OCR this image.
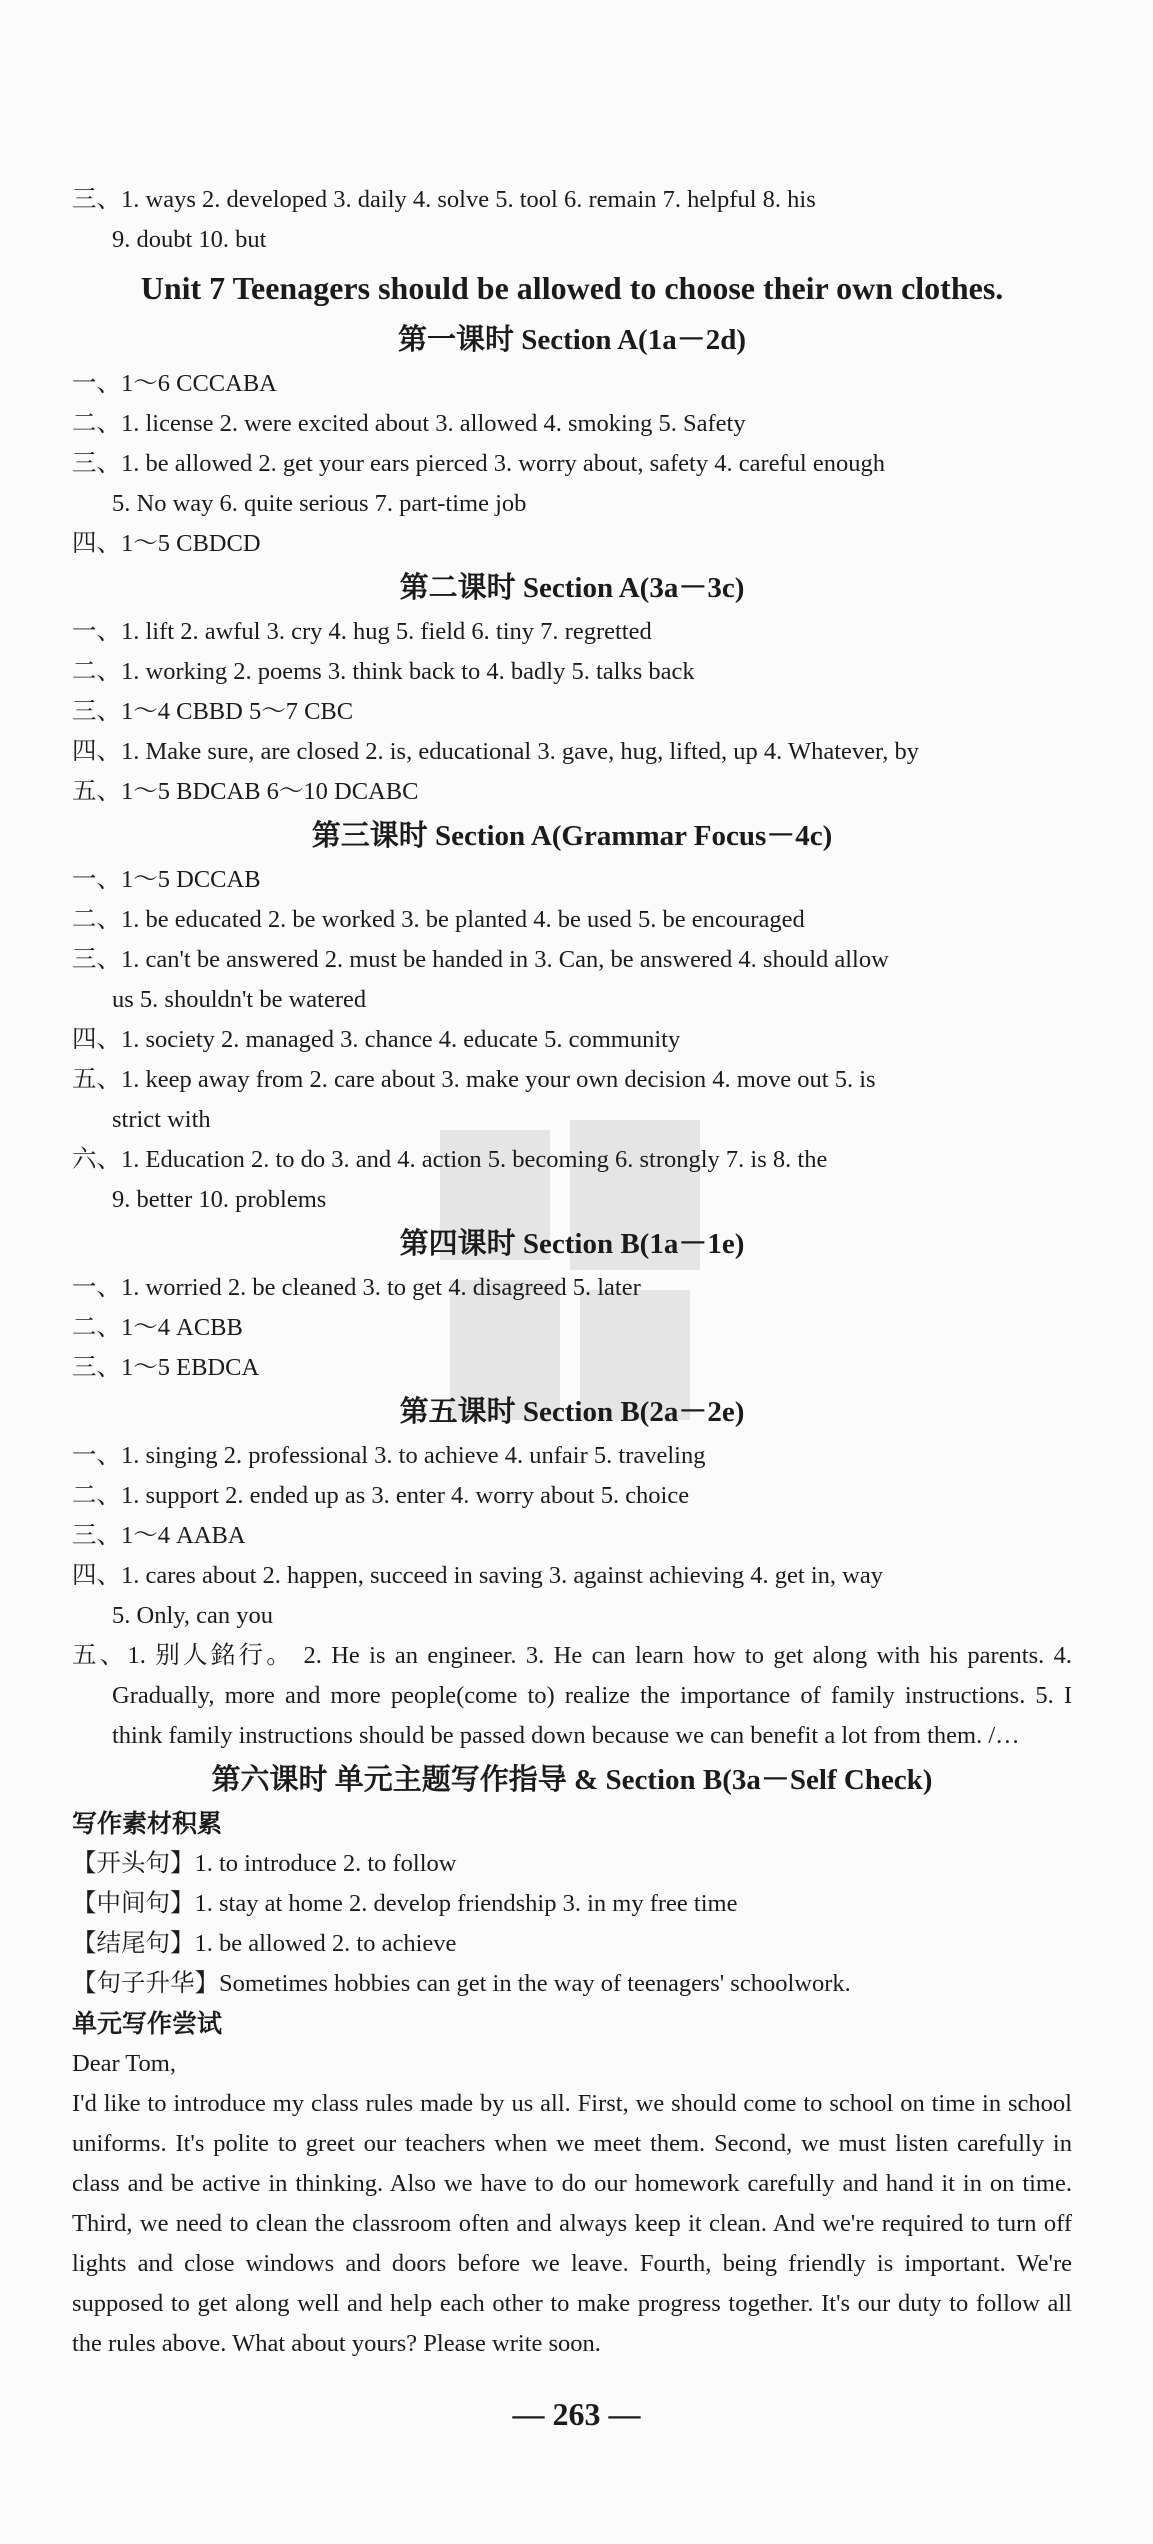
三、1. ways 2. developed 3. daily 4. solve 5. tool 6. remain 7. helpful 8. his
9. doubt 10. but
Unit 7 Teenagers should be allowed to choose their own clothes.
第一课时 Section A(1a－2d)
一、1～6 CCCABA
二、1. license 2. were excited about 3. allowed 4. smoking 5. Safety
三、1. be allowed 2. get your ears pierced 3. worry about, safety 4. careful enough
5. No way 6. quite serious 7. part-time job
四、1～5 CBDCD
第二课时 Section A(3a－3c)
一、1. lift 2. awful 3. cry 4. hug 5. field 6. tiny 7. regretted
二、1. working 2. poems 3. think back to 4. badly 5. talks back
三、1～4 CBBD 5～7 CBC
四、1. Make sure, are closed 2. is, educational 3. gave, hug, lifted, up 4. Whatever, by
五、1～5 BDCAB 6～10 DCABC
第三课时 Section A(Grammar Focus－4c)
一、1～5 DCCAB
二、1. be educated 2. be worked 3. be planted 4. be used 5. be encouraged
三、1. can't be answered 2. must be handed in 3. Can, be answered 4. should allow
us 5. shouldn't be watered
四、1. society 2. managed 3. chance 4. educate 5. community
五、1. keep away from 2. care about 3. make your own decision 4. move out 5. is
strict with
六、1. Education 2. to do 3. and 4. action 5. becoming 6. strongly 7. is 8. the
9. better 10. problems
第四课时 Section B(1a－1e)
一、1. worried 2. be cleaned 3. to get 4. disagreed 5. later
二、1～4 ACBB
三、1～5 EBDCA
第五课时 Section B(2a－2e)
一、1. singing 2. professional 3. to achieve 4. unfair 5. traveling
二、1. support 2. ended up as 3. enter 4. worry about 5. choice
三、1～4 AABA
四、1. cares about 2. happen, succeed in saving 3. against achieving 4. get in, way
5. Only, can you
五、1. 别人銘行。 2. He is an engineer. 3. He can learn how to get along with his parents. 4. Gradually, more and more people(come to) realize the importance of family instructions. 5. I think family instructions should be passed down because we can benefit a lot from them. /…
第六课时 单元主题写作指导 & Section B(3a－Self Check)
写作素材积累
【开头句】1. to introduce 2. to follow
【中间句】1. stay at home 2. develop friendship 3. in my free time
【结尾句】1. be allowed 2. to achieve
【句子升华】Sometimes hobbies can get in the way of teenagers' schoolwork.
单元写作尝试
Dear Tom,
I'd like to introduce my class rules made by us all. First, we should come to school on time in school uniforms. It's polite to greet our teachers when we meet them. Second, we must listen carefully in class and be active in thinking. Also we have to do our homework carefully and hand it in on time. Third, we need to clean the classroom often and always keep it clean. And we're required to turn off lights and close windows and doors before we leave. Fourth, being friendly is important. We're supposed to get along well and help each other to make progress together. It's our duty to follow all the rules above. What about yours? Please write soon.
— 263 —
